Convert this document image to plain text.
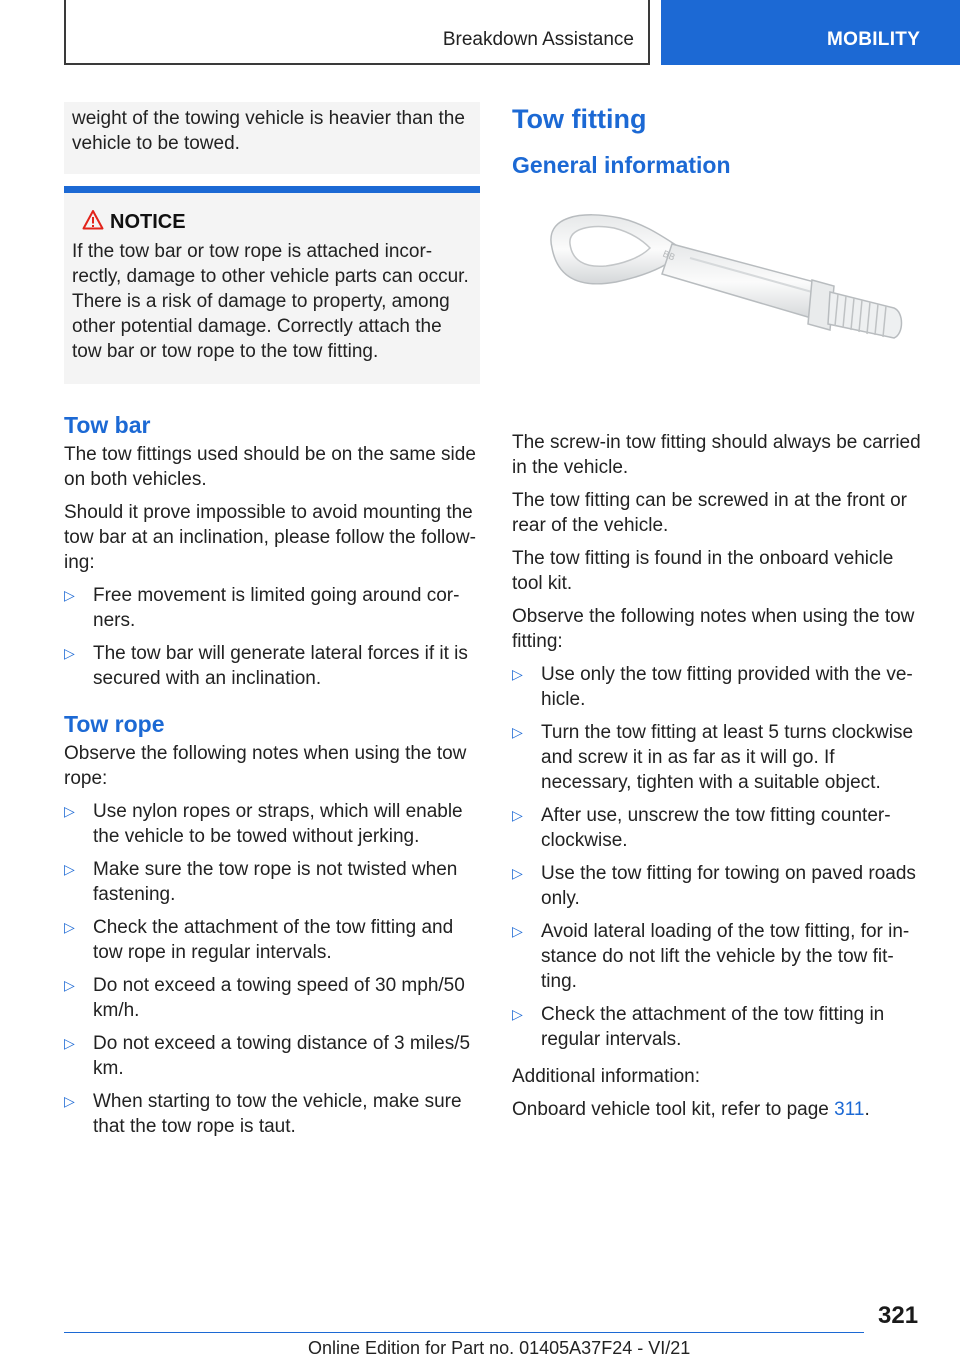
Breakdown Assistance	MOBILITY
weight of the towing vehicle is heavier than the vehicle to be towed.
NOTICE

If the tow bar or tow rope is attached incor-rectly, damage to other vehicle parts can occur. There is a risk of damage to property, among other potential damage. Correctly attach the tow bar or tow rope to the tow fitting.

Tow bar

The tow fittings used should be on the same side on both vehicles.

Should it prove impossible to avoid mounting the tow bar at an inclination, please follow the follow-ing:

▷ Free movement is limited going around cor-ners.
▷ The tow bar will generate lateral forces if it is secured with an inclination.
Tow rope

Observe the following notes when using the tow rope:

▷ Use nylon ropes or straps, which will enable the vehicle to be towed without jerking.
▷ Make sure the tow rope is not twisted when fastening.
▷ Check the attachment of the tow fitting and tow rope in regular intervals.
▷ Do not exceed a towing speed of 30 mph/50 km/h.
▷ Do not exceed a towing distance of 3 miles/5 km.
▷ When starting to tow the vehicle, make sure that the tow rope is taut.
Tow fitting
General information
BB

The screw-in tow fitting should always be carried in the vehicle.

The tow fitting can be screwed in at the front or rear of the vehicle.

The tow fitting is found in the onboard vehicle tool kit.

Observe the following notes when using the tow fitting:

▷ Use only the tow fitting provided with the ve-hicle.
▷ Turn the tow fitting at least 5 turns clockwise and screw it in as far as it will go. If necessary, tighten with a suitable object.
▷ After use, unscrew the tow fitting counter-clockwise.
▷ Use the tow fitting for towing on paved roads only.
▷ Avoid lateral loading of the tow fitting, for in-stance do not lift the vehicle by the tow fit-ting.
▷ Check the attachment of the tow fitting in regular intervals.

Additional information:

Onboard vehicle tool kit, refer to page 311.

321
Online Edition for Part no. 01405A37F24 - VI/21
